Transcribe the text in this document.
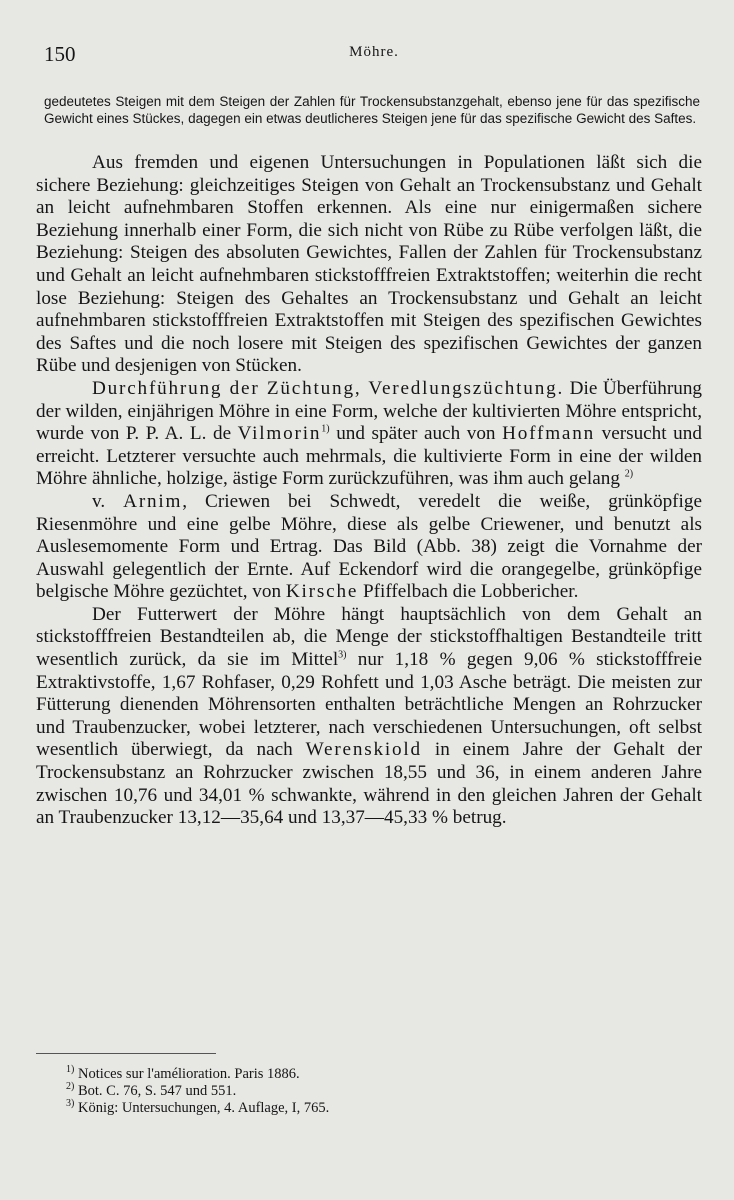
150	Möhre.

gedeutetes Steigen mit dem Steigen der Zahlen für Trockensubstanzgehalt, ebenso jene für das spezifische Gewicht eines Stückes, dagegen ein etwas deutlicheres Steigen jene für das spezifische Gewicht des Saftes.

Aus fremden und eigenen Untersuchungen in Populationen läßt sich die sichere Beziehung: gleichzeitiges Steigen von Gehalt an Trockensubstanz und Gehalt an leicht aufnehmbaren Stoffen erkennen. Als eine nur einigermaßen sichere Beziehung innerhalb einer Form, die sich nicht von Rübe zu Rübe verfolgen läßt, die Beziehung: Steigen des absoluten Gewichtes, Fallen der Zahlen für Trockensubstanz und Gehalt an leicht aufnehmbaren stickstofffreien Extraktstoffen; weiterhin die recht lose Beziehung: Steigen des Gehaltes an Trockensubstanz und Gehalt an leicht aufnehmbaren stickstofffreien Extraktstoffen mit Steigen des spezifischen Gewichtes des Saftes und die noch losere mit Steigen des spezifischen Gewichtes der ganzen Rübe und desjenigen von Stücken.

Durchführung der Züchtung, Veredlungszüchtung. Die Überführung der wilden, einjährigen Möhre in eine Form, welche der kultivierten Möhre entspricht, wurde von P. P. A. L. de Vilmorin$^{1)}$ und später auch von Hoffmann versucht und erreicht. Letzterer versuchte auch mehrmals, die kultivierte Form in eine der wilden Möhre ähnliche, holzige, ästige Form zurückzuführen, was ihm auch gelang $^{2)}$

v. Arnim, Criewen bei Schwedt, veredelt die weiße, grünköpfige Riesenmöhre und eine gelbe Möhre, diese als gelbe Criewener, und benutzt als Auslesemomente Form und Ertrag. Das Bild (Abb. 38) zeigt die Vornahme der Auswahl gelegentlich der Ernte. Auf Eckendorf wird die orangegelbe, grünköpfige belgische Möhre gezüchtet, von Kirsche Pfiffelbach die Lobbericher.

Der Futterwert der Möhre hängt hauptsächlich von dem Gehalt an stickstofffreien Bestandteilen ab, die Menge der stickstoffhaltigen Bestandteile tritt wesentlich zurück, da sie im Mittel$^{3)}$ nur 1,18 % gegen 9,06 % stickstofffreie Extraktivstoffe, 1,67 Rohfaser, 0,29 Rohfett und 1,03 Asche beträgt. Die meisten zur Fütterung dienenden Möhrensorten enthalten beträchtliche Mengen an Rohrzucker und Traubenzucker, wobei letzterer, nach verschiedenen Untersuchungen, oft selbst wesentlich überwiegt, da nach Werenskiold in einem Jahre der Gehalt der Trockensubstanz an Rohrzucker zwischen 18,55 und 36, in einem anderen Jahre zwischen 10,76 und 34,01 % schwankte, während in den gleichen Jahren der Gehalt an Traubenzucker 13,12—35,64 und 13,37—45,33 % betrug.

$^{1)}$ Notices sur l'amélioration. Paris 1886.

$^{2)}$ Bot. C. 76, S. 547 und 551.

$^{3)}$ König: Untersuchungen, 4. Auflage, I, 765.
